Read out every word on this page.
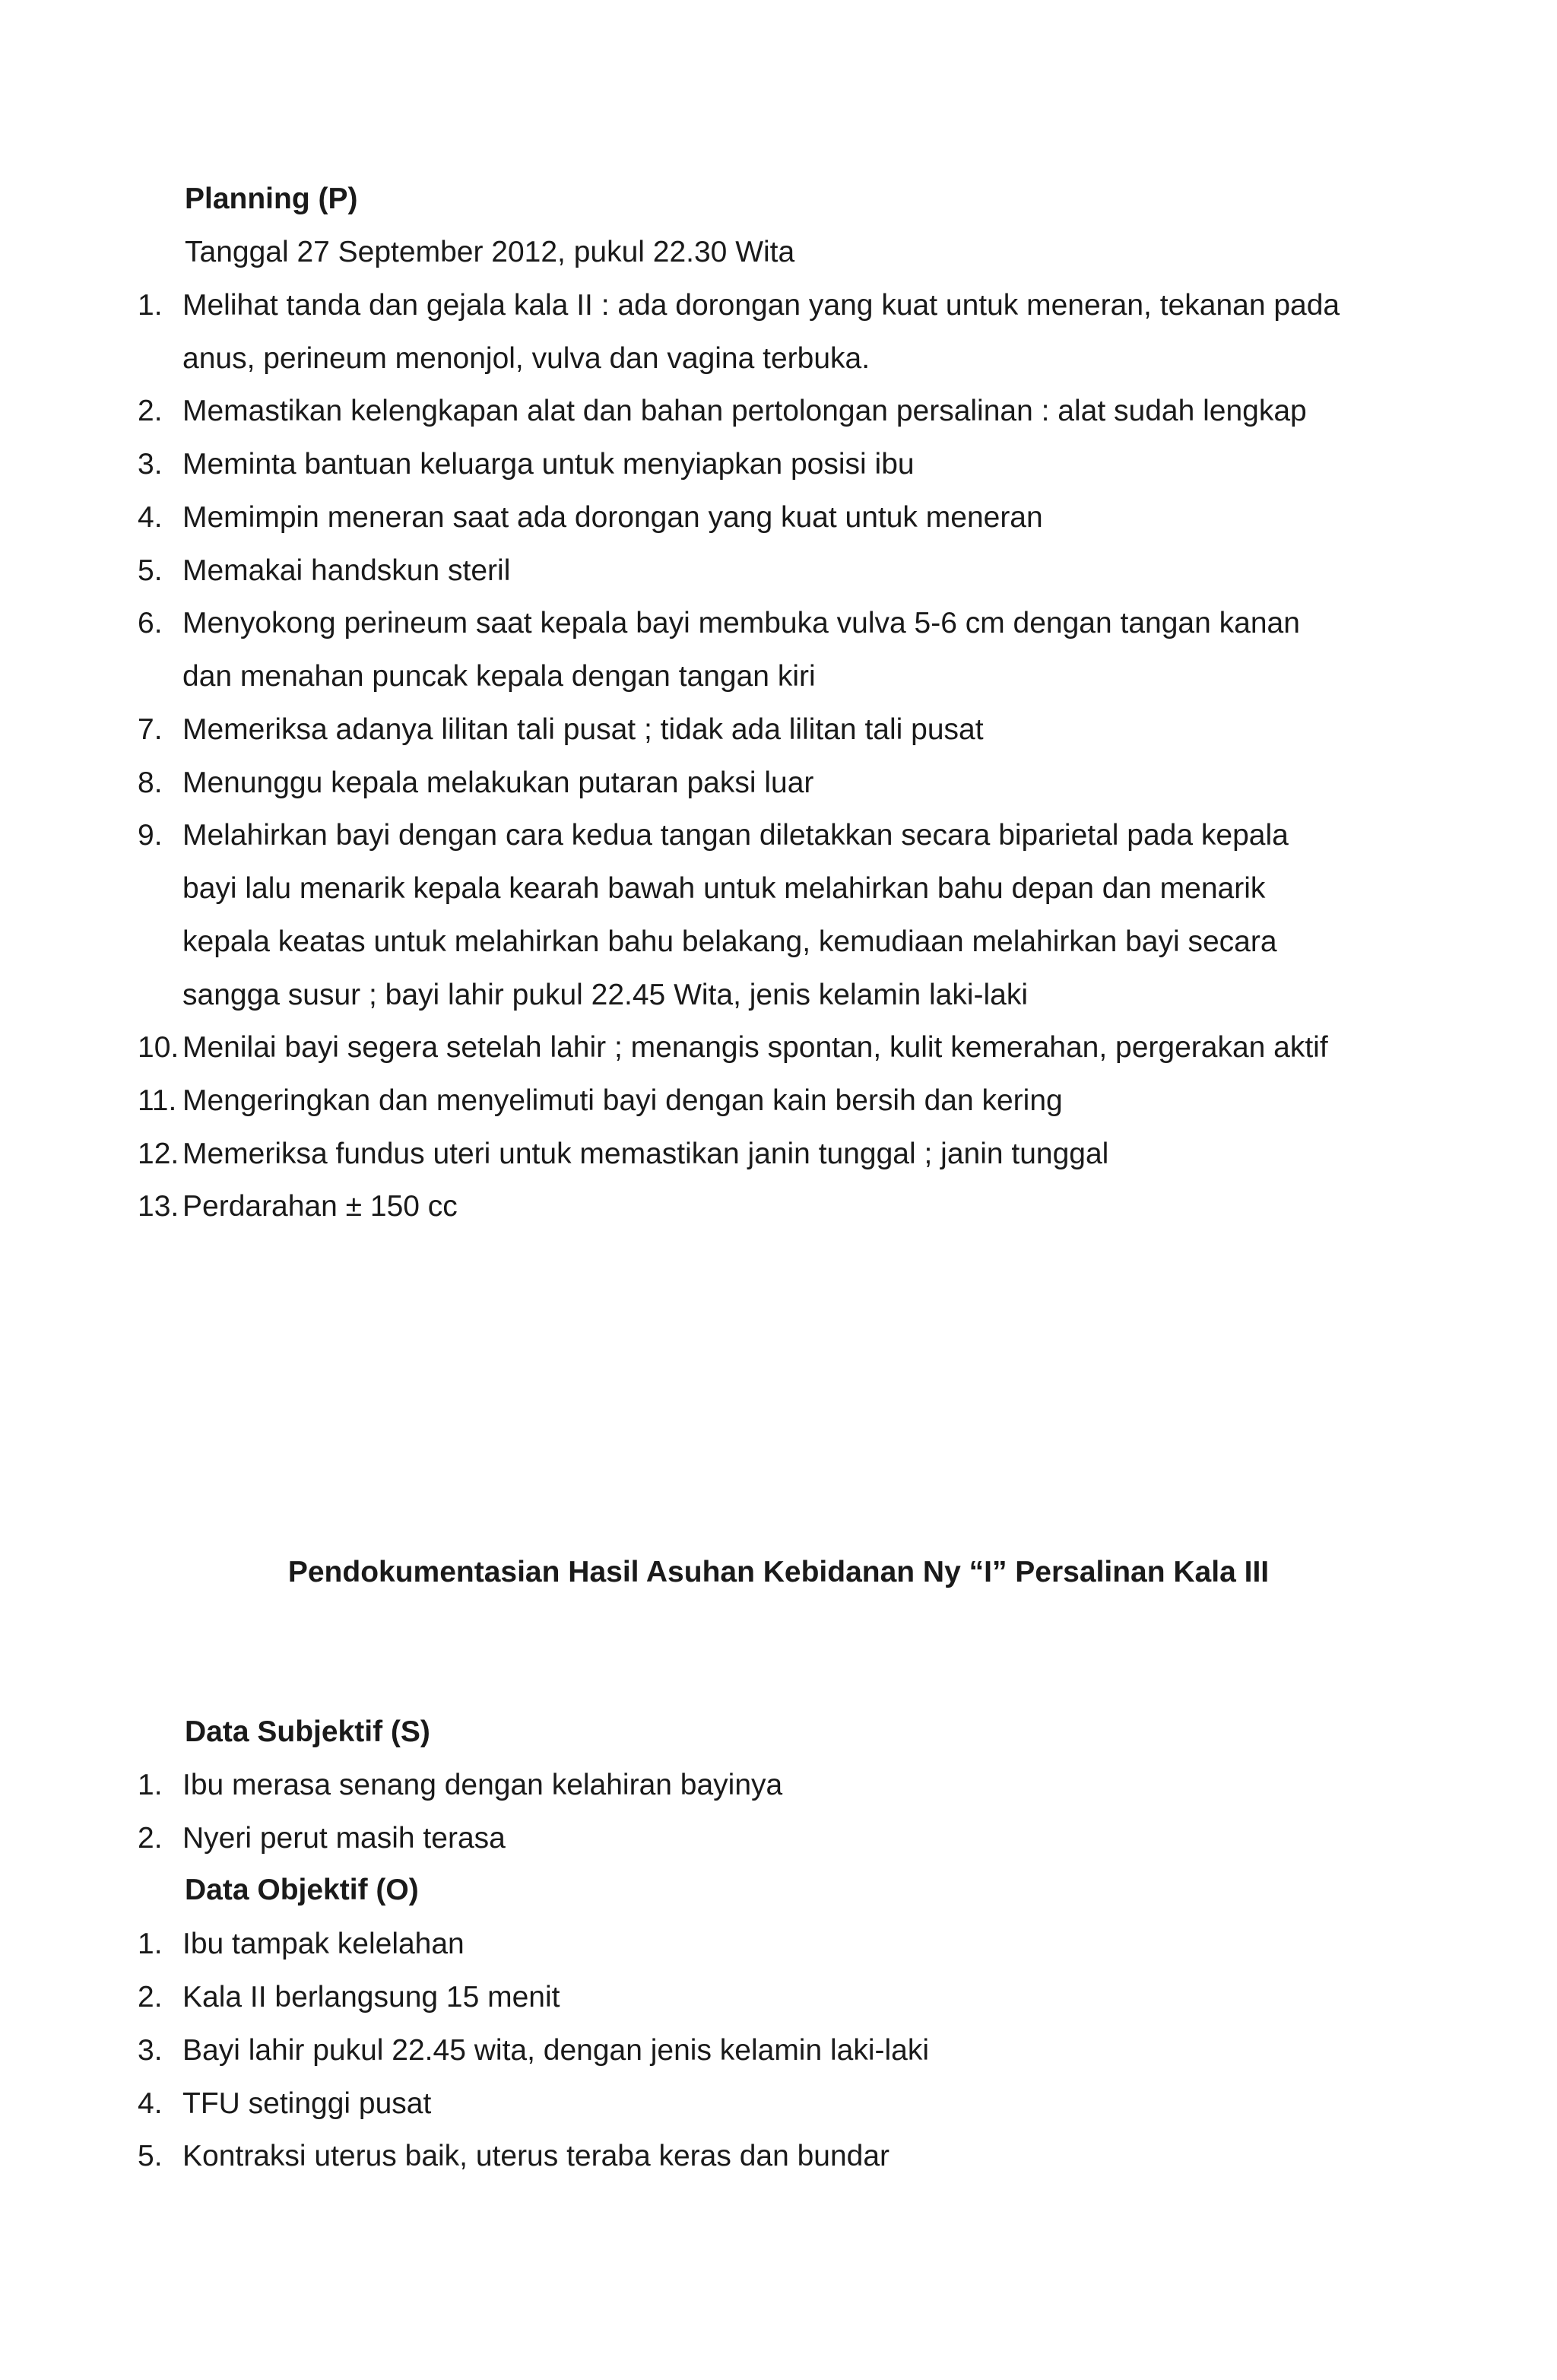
Planning (P)
Tanggal 27 September 2012, pukul 22.30 Wita
1. Melihat tanda dan gejala kala II : ada dorongan yang kuat untuk meneran, tekanan pada
anus, perineum menonjol, vulva dan vagina terbuka.
2. Memastikan kelengkapan alat dan bahan pertolongan persalinan : alat sudah lengkap
3. Meminta bantuan keluarga untuk menyiapkan posisi ibu
4. Memimpin meneran saat ada dorongan yang kuat untuk meneran
5. Memakai handskun steril
6. Menyokong perineum saat kepala bayi membuka vulva 5-6 cm dengan tangan kanan
dan menahan puncak kepala dengan tangan kiri
7. Memeriksa adanya lilitan tali pusat ; tidak ada lilitan tali pusat
8. Menunggu kepala melakukan putaran paksi luar
9. Melahirkan bayi dengan cara kedua tangan diletakkan secara biparietal pada kepala
bayi lalu menarik kepala kearah bawah untuk melahirkan bahu depan dan menarik
kepala keatas untuk melahirkan bahu belakang, kemudiaan melahirkan bayi secara
sangga susur ; bayi lahir pukul 22.45 Wita, jenis kelamin laki-laki
10. Menilai bayi segera setelah lahir ; menangis spontan, kulit kemerahan, pergerakan aktif
11. Mengeringkan dan menyelimuti bayi dengan kain bersih dan kering
12. Memeriksa fundus uteri untuk memastikan janin tunggal ; janin tunggal
13. Perdarahan ± 150 cc
Pendokumentasian Hasil Asuhan Kebidanan Ny “I” Persalinan Kala III
Data Subjektif (S)
1. Ibu merasa senang dengan kelahiran bayinya
2. Nyeri perut masih terasa
Data Objektif (O)
1. Ibu tampak kelelahan
2. Kala II berlangsung 15 menit
3. Bayi lahir pukul 22.45 wita, dengan jenis kelamin laki-laki
4. TFU setinggi pusat
5. Kontraksi uterus baik, uterus teraba keras dan bundar
